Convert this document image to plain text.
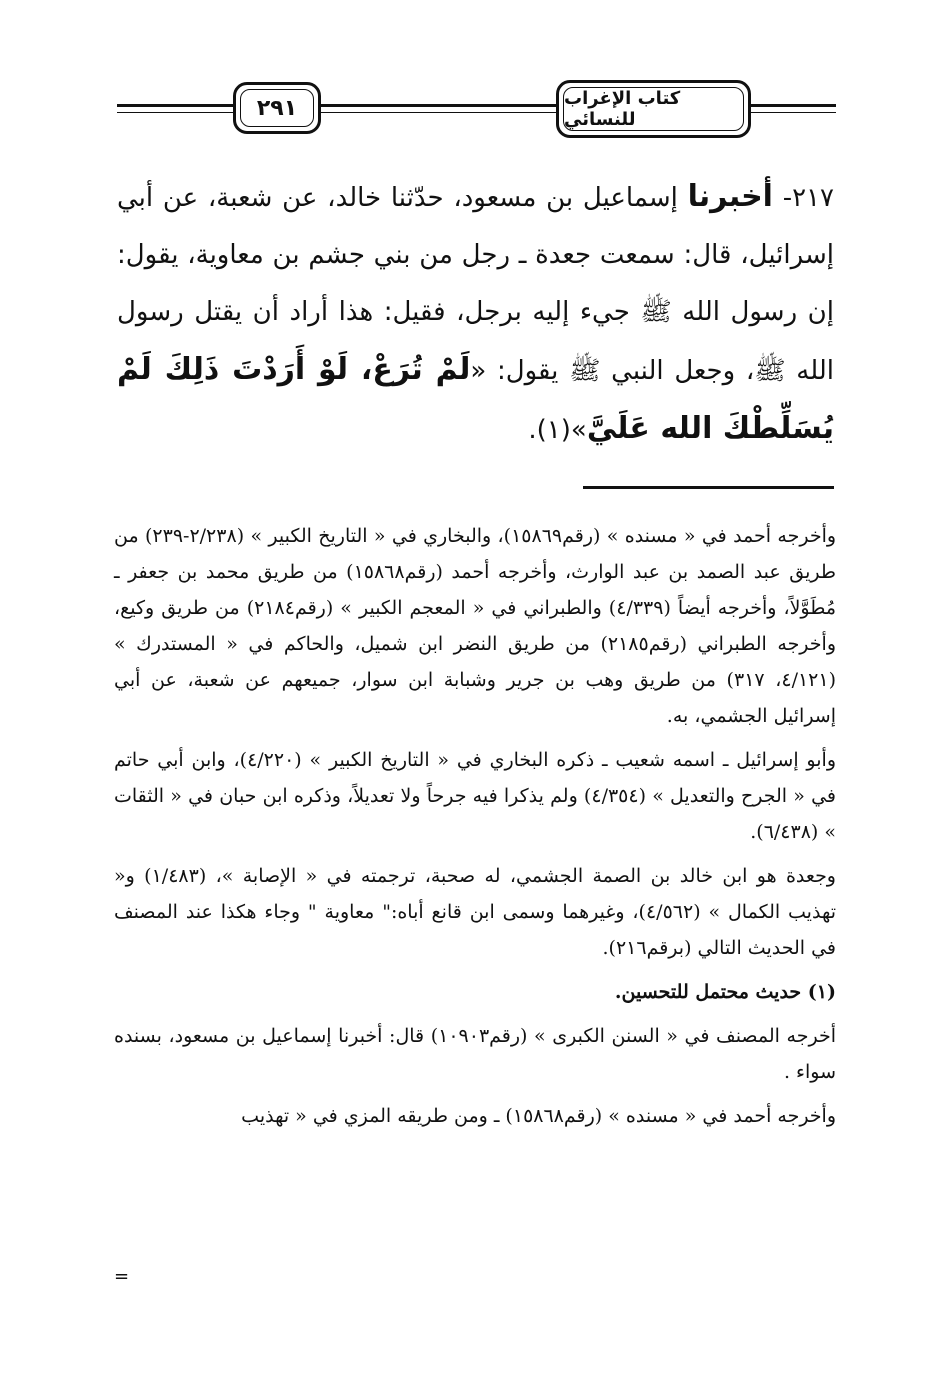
٢٩١	كتاب الإغراب للنسائي
٢١٧- أخبرنا إسماعيل بن مسعود، حدّثنا خالد، عن شعبة، عن أبي إسرائيل، قال: سمعت جعدة ـ رجل من بني جشم بن معاوية، يقول: إن رسول الله ﷺ جيء إليه برجل، فقيل: هذا أراد أن يقتل رسول الله ﷺ، وجعل النبي ﷺ يقول: «لَمْ تُرَعْ، لَوْ أَرَدْتَ ذَلِكَ لَمْ يُسَلِّطْكَ الله عَلَيَّ»(١).

وأخرجه أحمد في « مسنده » (رقم١٥٨٦٩)، والبخاري في « التاريخ الكبير » (٢/٢٣٨-٢٣٩) من طريق عبد الصمد بن عبد الوارث، وأخرجه أحمد (رقم١٥٨٦٨) من طريق محمد بن جعفر ـ مُطَوَّلاً، وأخرجه أيضاً (٤/٣٣٩) والطبراني في « المعجم الكبير » (رقم٢١٨٤) من طريق وكيع، وأخرجه الطبراني (رقم٢١٨٥) من طريق النضر ابن شميل، والحاكم في « المستدرك » (٤/١٢١، ٣١٧) من طريق وهب بن جرير وشبابة ابن سوار، جميعهم عن شعبة، عن أبي إسرائيل الجشمي، به.

وأبو إسرائيل ـ اسمه شعيب ـ ذكره البخاري في « التاريخ الكبير » (٤/٢٢٠)، وابن أبي حاتم في « الجرح والتعديل » (٤/٣٥٤) ولم يذكرا فيه جرحاً ولا تعديلاً، وذكره ابن حبان في « الثقات » (٦/٤٣٨).

وجعدة هو ابن خالد بن الصمة الجشمي، له صحبة، ترجمته في « الإصابة »، (١/٤٨٣) و« تهذيب الكمال » (٤/٥٦٢)، وغيرهما وسمى ابن قانع أباه:" معاوية " وجاء هكذا عند المصنف في الحديث التالي (برقم٢١٦).

(١) حديث محتمل للتحسين.

أخرجه المصنف في « السنن الكبرى » (رقم١٠٩٠٣) قال: أخبرنا إسماعيل بن مسعود، بسنده سواء .

وأخرجه أحمد في « مسنده » (رقم١٥٨٦٨) ـ ومن طريقه المزي في « تهذيب

=
